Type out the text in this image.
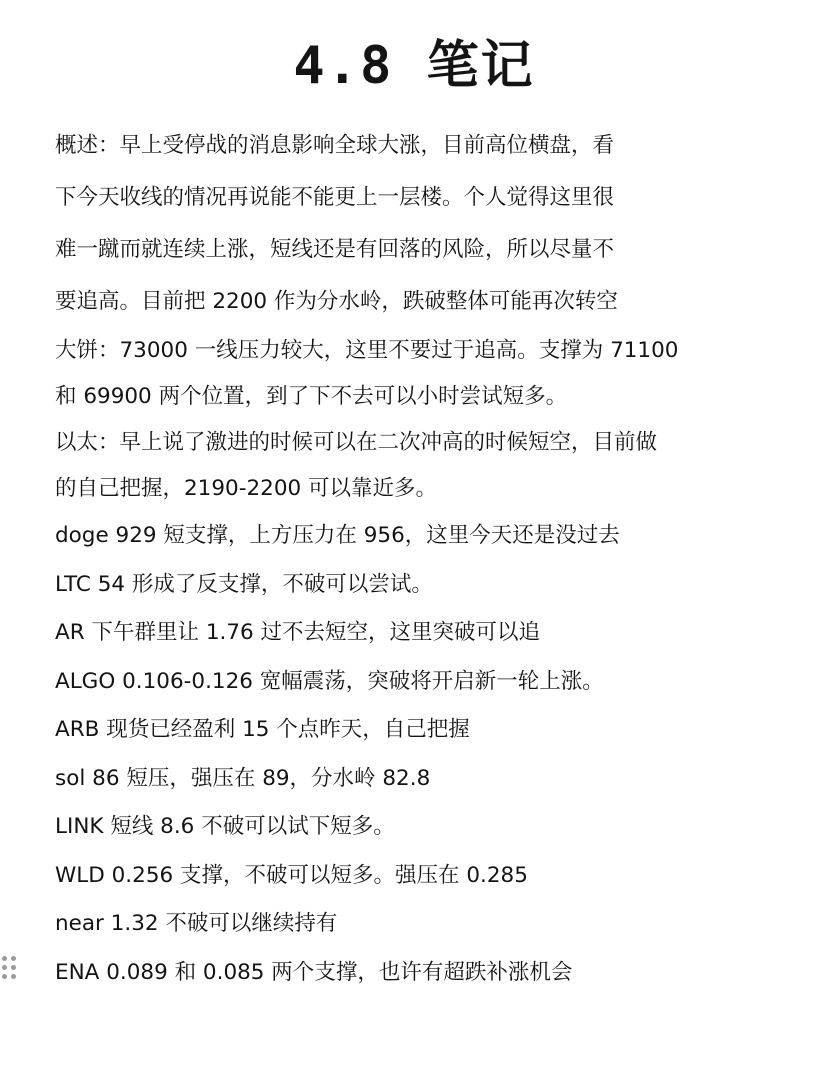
4.8 笔记
概述：早上受停战的消息影响全球大涨，目前高位横盘，看
下今天收线的情况再说能不能更上一层楼。个人觉得这里很
难一蹴而就连续上涨，短线还是有回落的风险，所以尽量不
要追高。目前把 2200 作为分水岭，跌破整体可能再次转空
大饼：73000 一线压力较大，这里不要过于追高。支撑为 71100
和 69900 两个位置，到了下不去可以小时尝试短多。
以太：早上说了激进的时候可以在二次冲高的时候短空，目前做
的自己把握，2190-2200 可以靠近多。
doge 929 短支撑，上方压力在 956，这里今天还是没过去
LTC 54 形成了反支撑，不破可以尝试。
AR 下午群里让 1.76 过不去短空，这里突破可以追
ALGO 0.106-0.126 宽幅震荡，突破将开启新一轮上涨。
ARB 现货已经盈利 15 个点昨天，自己把握
sol 86 短压，强压在 89，分水岭 82.8
LINK 短线 8.6 不破可以试下短多。
WLD 0.256 支撑，不破可以短多。强压在 0.285
near 1.32 不破可以继续持有
ENA 0.089 和 0.085 两个支撑，也许有超跌补涨机会
